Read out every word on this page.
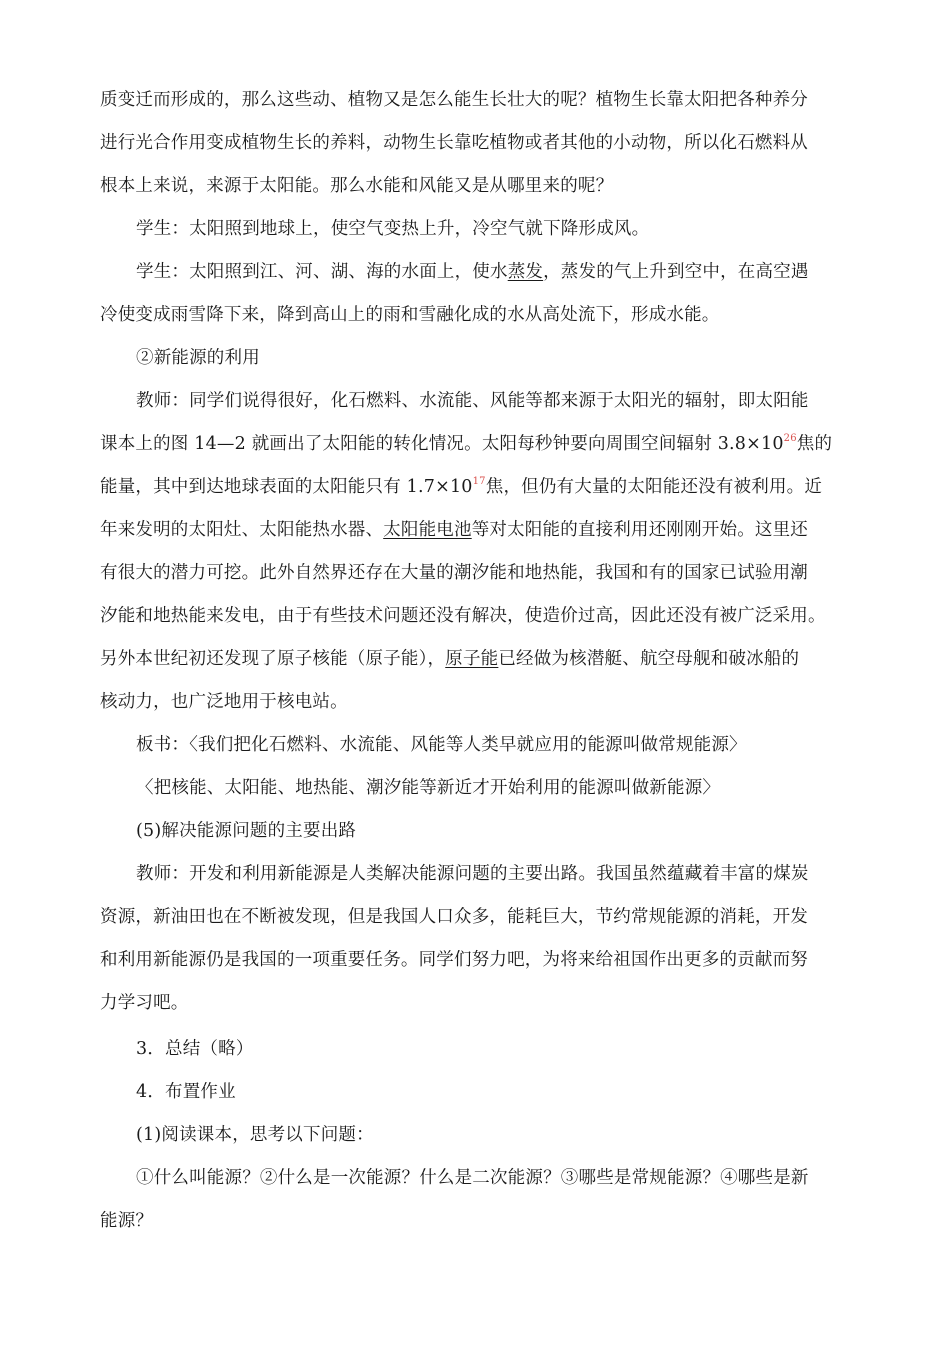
质变迁而形成的，那么这些动、植物又是怎么能生长壮大的呢？植物生长靠太阳把各种养分
进行光合作用变成植物生长的养料，动物生长靠吃植物或者其他的小动物，所以化石燃料从
根本上来说，来源于太阳能。那么水能和风能又是从哪里来的呢？
学生：太阳照到地球上，使空气变热上升，冷空气就下降形成风。
学生：太阳照到江、河、湖、海的水面上，使水蒸发，蒸发的气上升到空中，在高空遇
冷使变成雨雪降下来，降到高山上的雨和雪融化成的水从高处流下，形成水能。
②新能源的利用
教师：同学们说得很好，化石燃料、水流能、风能等都来源于太阳光的辐射，即太阳能
课本上的图 14—2 就画出了太阳能的转化情况。太阳每秒钟要向周围空间辐射 $3.8\times 10^{26}$焦的
能量，其中到达地球表面的太阳能只有 $1.7\times 10^{17}$焦，但仍有大量的太阳能还没有被利用。近
年来发明的太阳灶、太阳能热水器、太阳能电池等对太阳能的直接利用还刚刚开始。这里还
有很大的潜力可挖。此外自然界还存在大量的潮汐能和地热能，我国和有的国家已试验用潮
汐能和地热能来发电，由于有些技术问题还没有解决，使造价过高，因此还没有被广泛采用。
另外本世纪初还发现了原子核能（原子能），原子能已经做为核潜艇、航空母舰和破冰船的
核动力，也广泛地用于核电站。
板书：〈我们把化石燃料、水流能、风能等人类早就应用的能源叫做常规能源〉
〈把核能、太阳能、地热能、潮汐能等新近才开始利用的能源叫做新能源〉
(5)解决能源问题的主要出路
教师：开发和利用新能源是人类解决能源问题的主要出路。我国虽然蕴藏着丰富的煤炭
资源，新油田也在不断被发现，但是我国人口众多，能耗巨大，节约常规能源的消耗，开发
和利用新能源仍是我国的一项重要任务。同学们努力吧，为将来给祖国作出更多的贡献而努
力学习吧。
3．总结（略）
4．布置作业
(1)阅读课本，思考以下问题：
①什么叫能源？②什么是一次能源？什么是二次能源？③哪些是常规能源？④哪些是新
能源？
